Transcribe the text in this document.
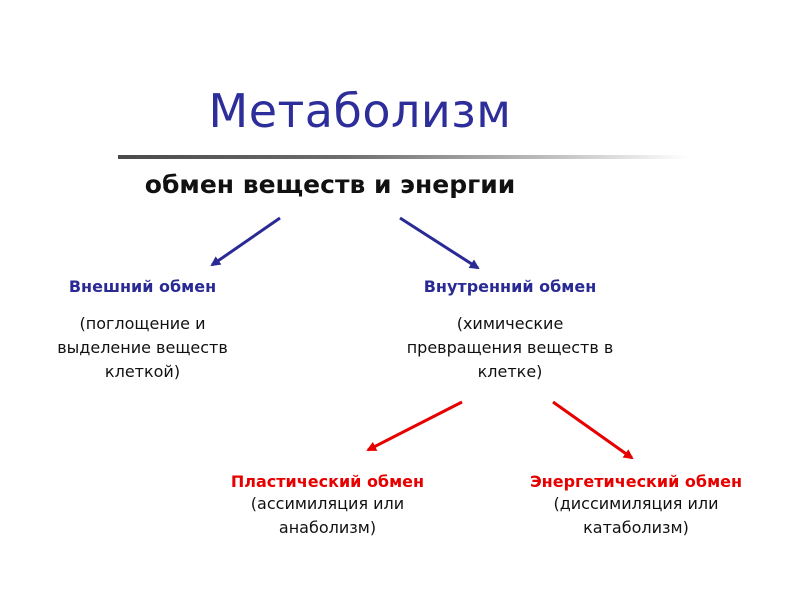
Метаболизм
обмен веществ и энергии
Внешний обмен
(поглощение и
выделение веществ
клеткой)
Внутренний обмен
(химические
превращения веществ в
клетке)
Пластический обмен
(ассимиляция или
анаболизм)
Энергетический обмен
(диссимиляция или
катаболизм)
